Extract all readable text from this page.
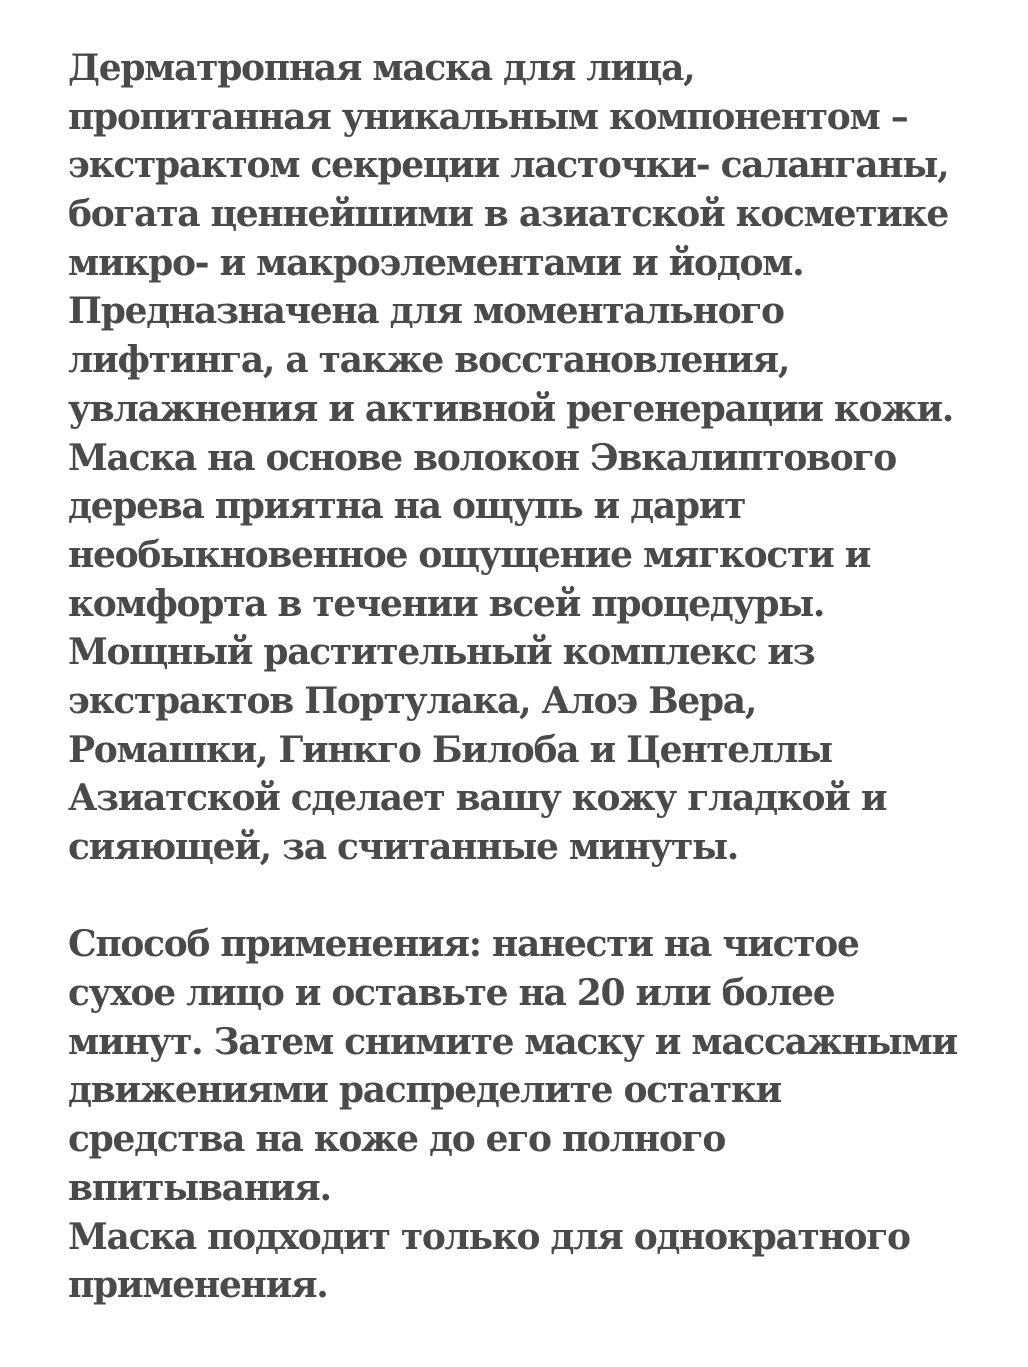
Дерматропная маска для лица,
пропитанная уникальным компонентом –
экстрактом секреции ласточки- саланганы,
богата ценнейшими в азиатской косметике
микро- и макроэлементами и йодом.
Предназначена для моментального
лифтинга, а также восстановления,
увлажнения и активной регенерации кожи.
Маска на основе волокон Эвкалиптового
дерева приятна на ощупь и дарит
необыкновенное ощущение мягкости и
комфорта в течении всей процедуры.
Мощный растительный комплекс из
экстрактов Портулака, Алоэ Вера,
Ромашки, Гинкго Билоба и Центеллы
Азиатской сделает вашу кожу гладкой и
сияющей, за считанные минуты.
Способ применения: нанести на чистое
сухое лицо и оставьте на 20 или более
минут. Затем снимите маску и массажными
движениями распределите остатки
средства на коже до его полного
впитывания.
Маска подходит только для однократного
применения.
